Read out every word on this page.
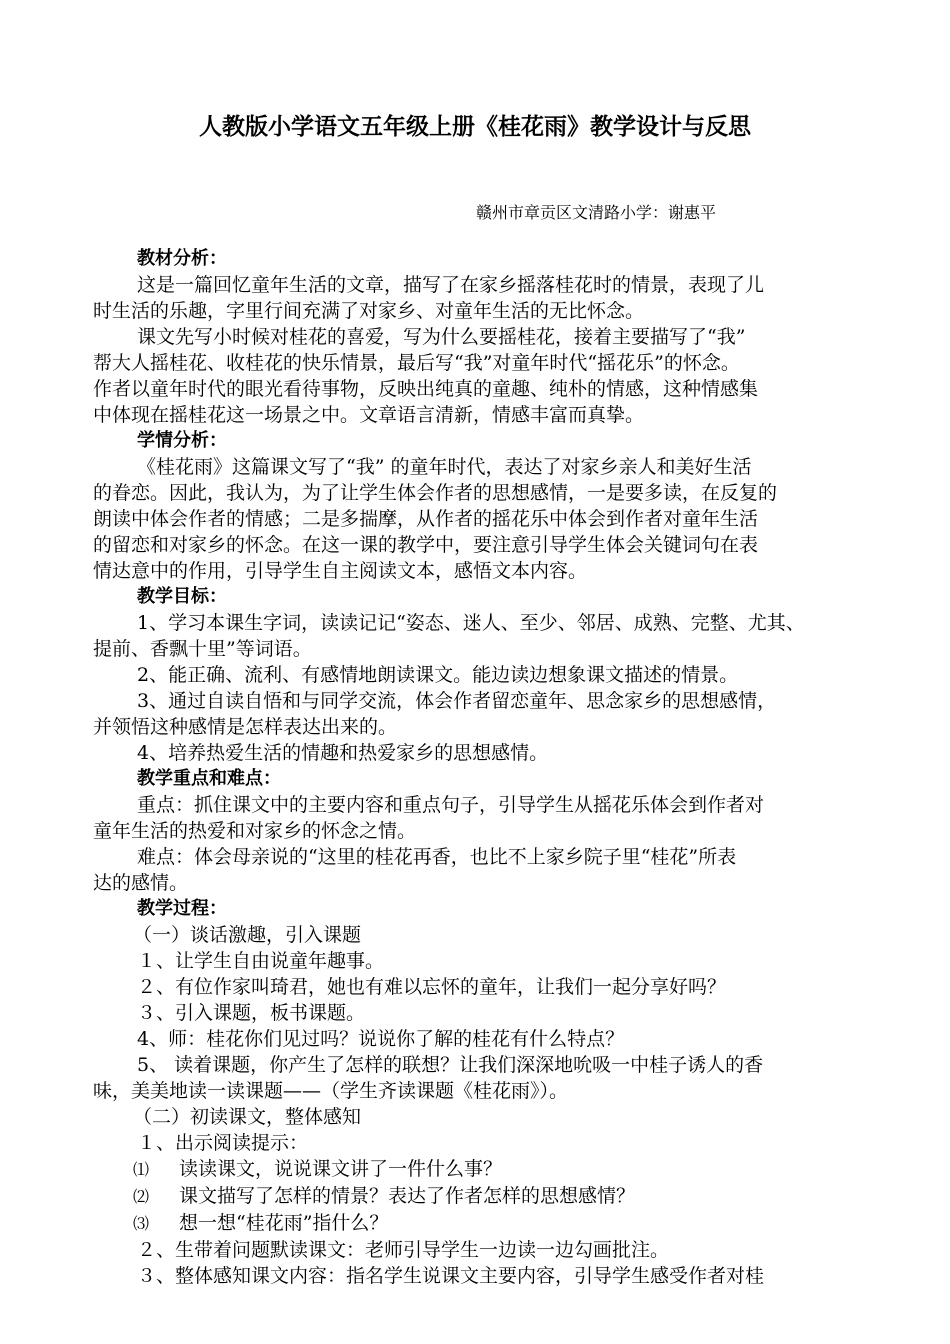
人教版小学语文五年级上册《桂花雨》教学设计与反思
赣州市章贡区文清路小学：谢惠平
教材分析：
这是一篇回忆童年生活的文章，描写了在家乡摇落桂花时的情景，表现了儿
时生活的乐趣，字里行间充满了对家乡、对童年生活的无比怀念。
课文先写小时候对桂花的喜爱，写为什么要摇桂花，接着主要描写了“我”
帮大人摇桂花、收桂花的快乐情景，最后写“我”对童年时代“摇花乐”的怀念。
作者以童年时代的眼光看待事物，反映出纯真的童趣、纯朴的情感，这种情感集
中体现在摇桂花这一场景之中。文章语言清新，情感丰富而真挚。
学情分析：
《桂花雨》这篇课文写了“我” 的童年时代，表达了对家乡亲人和美好生活
的眷恋。因此，我认为，为了让学生体会作者的思想感情，一是要多读，在反复的
朗读中体会作者的情感；二是多揣摩，从作者的摇花乐中体会到作者对童年生活
的留恋和对家乡的怀念。在这一课的教学中，要注意引导学生体会关键词句在表
情达意中的作用，引导学生自主阅读文本，感悟文本内容。
教学目标：
1、学习本课生字词，读读记记“姿态、迷人、至少、邻居、成熟、完整、尤其、
提前、香飘十里”等词语。
2、能正确、流利、有感情地朗读课文。能边读边想象课文描述的情景。
3、通过自读自悟和与同学交流，体会作者留恋童年、思念家乡的思想感情，
并领悟这种感情是怎样表达出来的。
4、培养热爱生活的情趣和热爱家乡的思想感情。
教学重点和难点：
重点：抓住课文中的主要内容和重点句子，引导学生从摇花乐体会到作者对
童年生活的热爱和对家乡的怀念之情。
难点：体会母亲说的“这里的桂花再香，也比不上家乡院子里“桂花”所表
达的感情。
教学过程：
（一）谈话激趣，引入课题
１、让学生自由说童年趣事。
２、有位作家叫琦君，她也有难以忘怀的童年，让我们一起分享好吗？
３、引入课题，板书课题。
4、师：桂花你们见过吗？说说你了解的桂花有什么特点？
5、 读着课题，你产生了怎样的联想？让我们深深地吮吸一中桂子诱人的香
味，美美地读一读课题——（学生齐读课题《桂花雨》）。
（二）初读课文，整体感知
１、出示阅读提示：
⑴ 读读课文，说说课文讲了一件什么事？
⑵ 课文描写了怎样的情景？表达了作者怎样的思想感情？
⑶ 想一想“桂花雨”指什么？
２、生带着问题默读课文：老师引导学生一边读一边勾画批注。
３、整体感知课文内容：指名学生说课文主要内容，引导学生感受作者对桂
